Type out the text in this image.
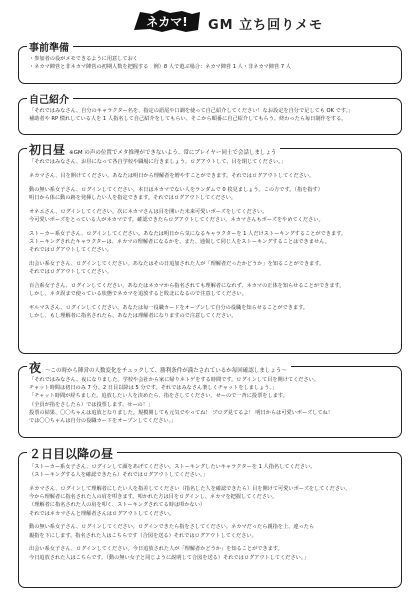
ネカマ! GM 立ち回りメモ
事前準備
・参加者の役がメモできるように用意しておく
・ネカマ陣営と非ネカマ陣営の初期人数を把握する　例）8 人で遊ぶ場合：ネカマ陣営 1 人・非ネカマ陣営 7 人
自己紹介
「それではみなさん、自分のキャラクター名を、指定の語尾や口調を使って自己紹介してください！なお設定を自分で足しても OK です。」
補助者や RP 慣れしている人を 1 人指名して自己紹介をしてもらい、そこから順番に自己紹介してもらう。終わったら毎日制作をする。
初日昼 ※GM の声の位置でメタ推理ができないよう、常にプレイヤー同士で会話しましょう

「それではみなさん、お昼になって各自学校や職場に行きましょう。ログアウトして、目を閉じてください。」

ネカマさん、目を開けてください。あなたは明日から理解者を増やすことができます。それではログアウトしてください。

動の無い系女子さん、ログインしてください。本日はネカマでない人をランダムで 0 枚見ましょう。この方です。（指を指す）
明日から体に動の跡を発揮したい人を指定できます。それではログアウトしてください。

オネエさん、ログインしてください。次にネカマさんは目を開いた未来可愛いポーズをしてください。
今可愛いポーズをとっている人がネカマです。確認できたらログアウトしてください。ネカマさんもポーズをやめてください。

ストーカー系女子さん、ログインしてください。あなたは明日から気になるキャラクターを 1 人だけストーキングすることができます。
ストーキングされたキャラクターは、ネカマの理解者になるかを、また、通報して同じ人をストーキングすることはできません。
それではログアウトしてください。

出会い系女子さん、ログインしてください。あなたはその日追加された人が「理解者だったかどうか」を知ることができます。
それではログアウトしてください。

百合系女子さん、ログインしてください。あなたはネカマから指名されても理解者になれず、ネカマの正体を知らせることができます。
しかし、ネタ誤まで使っている状態でネカマを追放すると敗北になるので注意してください。

ギルマスさん、ログインしてください。あなたは毎一役職カードをオープンして自分の役職を知らせることができます。
しかし、もし理解者に指名されたら、あなたは理解者になりますので注意してください。

夜 ～この時から陣営の人数変化をチェックして、勝利条件が満たされているか毎回確認しましょう～

「それではみなさん、夜になりました。学校や会社から家に帰りネトゲをする時間です。ログインして目を開けてください。
チャット時間は初日のみ 7 分、2 日目以降は 5 分です。それではみなさん楽しくチャットをしましょう。」
「チャット時間が経ちました。追放したい人を決めたら、指をさしてください。せーので一斉に投票をします。
（全員が指をさしたら）では投票します、せーの！」
投票の結果、〇〇ちゃんは追放となりました。規模関しても元気でやってね！ ブログ見てるよ！ 明日からは可愛いポーズしてね！
では〇〇ちゃんは自分の役職カードをオープンしてください。」

２日目以降の昼

「ストーカー系女子さん、ログインして顔をあげてください。ストーキングしたいキャラクターを 1 人指名してください。
（ストーキングする人を確認できたら）それではログアウトしてください。」

ネカマさん、ログインして理解者にしたい人を指差してください（指名した人を確認できたら）目を開けて可愛いポーズをしてください。
今から理解者に指名された人の肩を叩きます。叩かれた方は目をログインし、ネカマを把握してください。
（理解者に指名された人の肩を叩く、ストーキングされてる時は叩かない）
それではネカマさんと理解者さんはログアウトしてください。

動の無い系女子さん、ログインしてください。ログインできたら指をさしてください。ネカマだったら親指を上、違ったら
親指を下にします。指名された人はこちらです（合図を送る）それではログアウトしてください。

出会い系女子さん、ログインしてください。今日追放された人が「理解者かどうか」を知ることができます。
今日追放された人はこちらです。（動の無い女子と同じように説明して合図を送る）それではログアウトしてください。」
